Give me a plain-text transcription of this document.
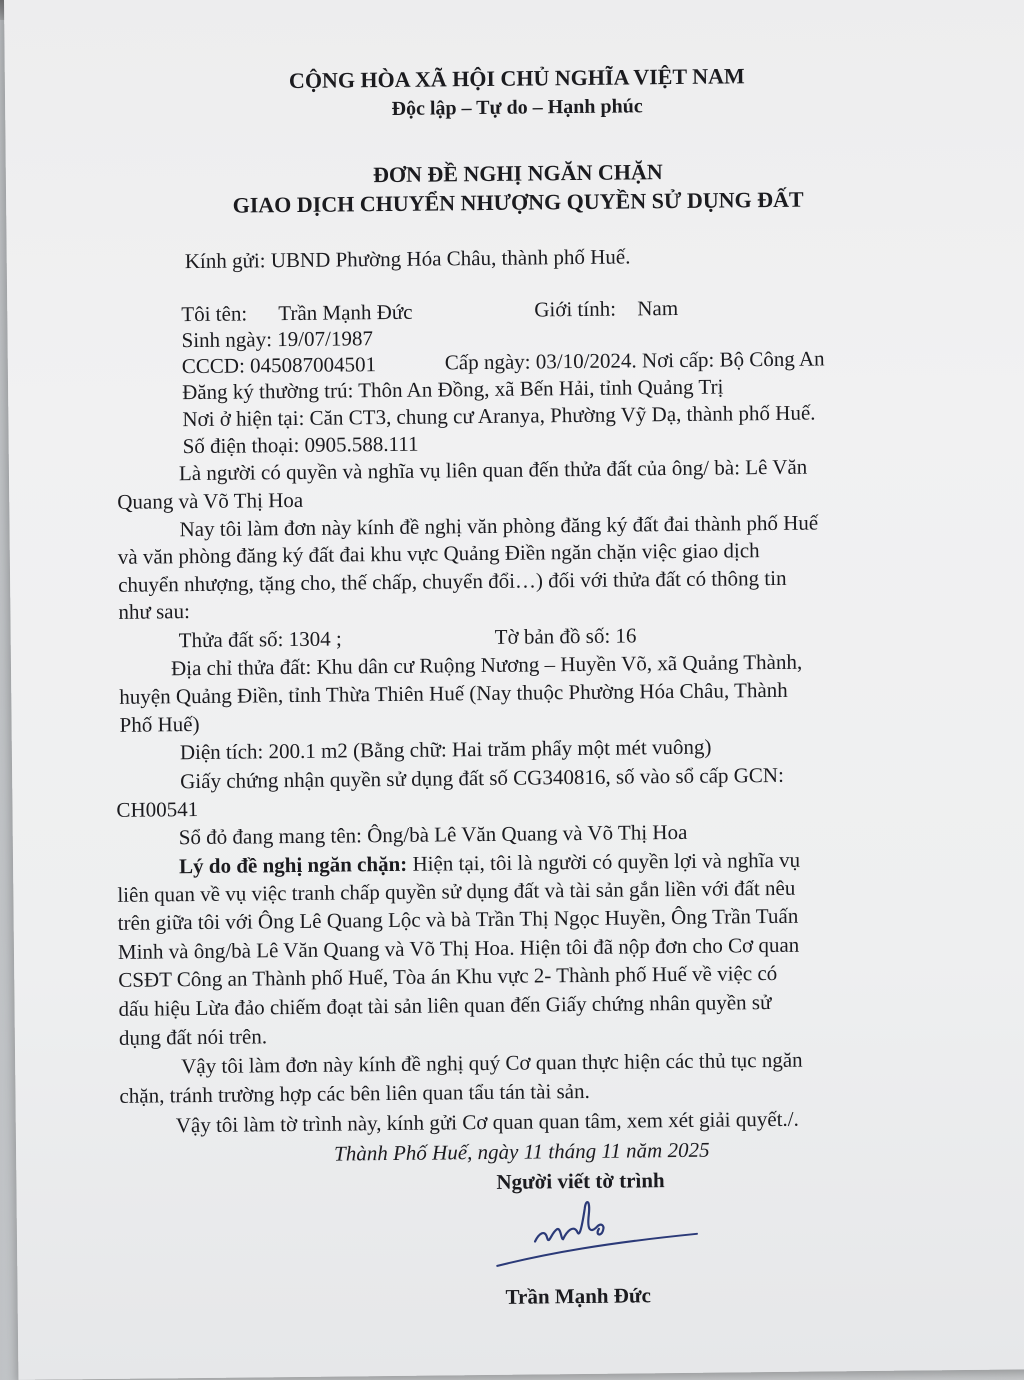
CỘNG HÒA XÃ HỘI CHỦ NGHĨA VIỆT NAM
Độc lập – Tự do – Hạnh phúc
ĐƠN ĐỀ NGHỊ NGĂN CHẶN
GIAO DỊCH CHUYỂN NHƯỢNG QUYỀN SỬ DỤNG ĐẤT
Kính gửi: UBND Phường Hóa Châu, thành phố Huế.
Tôi tên: Trần Mạnh Đức	Giới tính: Nam
Sinh ngày: 19/07/1987
CCCD: 045087004501	Cấp ngày: 03/10/2024. Nơi cấp: Bộ Công An
Đăng ký thường trú: Thôn An Đồng, xã Bến Hải, tỉnh Quảng Trị
Nơi ở hiện tại: Căn CT3, chung cư Aranya, Phường Vỹ Dạ, thành phố Huế.
Số điện thoại: 0905.588.111
Là người có quyền và nghĩa vụ liên quan đến thửa đất của ông/ bà: Lê Văn
Quang và Võ Thị Hoa
Nay tôi làm đơn này kính đề nghị văn phòng đăng ký đất đai thành phố Huế
và văn phòng đăng ký đất đai khu vực Quảng Điền ngăn chặn việc giao dịch
chuyển nhượng, tặng cho, thế chấp, chuyển đổi…) đối với thửa đất có thông tin
như sau:
Thửa đất số: 1304 ;	Tờ bản đồ số: 16
Địa chỉ thửa đất: Khu dân cư Ruộng Nương – Huyền Võ, xã Quảng Thành,
huyện Quảng Điền, tỉnh Thừa Thiên Huế (Nay thuộc Phường Hóa Châu, Thành
Phố Huế)
Diện tích: 200.1 m2 (Bằng chữ: Hai trăm phẩy một mét vuông)
Giấy chứng nhận quyền sử dụng đất số CG340816, số vào sổ cấp GCN:
CH00541
Sổ đỏ đang mang tên: Ông/bà Lê Văn Quang và Võ Thị Hoa
Lý do đề nghị ngăn chặn: Hiện tại, tôi là người có quyền lợi và nghĩa vụ
liên quan về vụ việc tranh chấp quyền sử dụng đất và tài sản gắn liền với đất nêu
trên giữa tôi với Ông Lê Quang Lộc và bà Trần Thị Ngọc Huyền, Ông Trần Tuấn
Minh và ông/bà Lê Văn Quang và Võ Thị Hoa. Hiện tôi đã nộp đơn cho Cơ quan
CSĐT Công an Thành phố Huế, Tòa án Khu vực 2- Thành phố Huế về việc có
dấu hiệu Lừa đảo chiếm đoạt tài sản liên quan đến Giấy chứng nhân quyền sử
dụng đất nói trên.
Vậy tôi làm đơn này kính đề nghị quý Cơ quan thực hiện các thủ tục ngăn
chặn, tránh trường hợp các bên liên quan tẩu tán tài sản.
Vậy tôi làm tờ trình này, kính gửi Cơ quan quan tâm, xem xét giải quyết./.
Thành Phố Huế, ngày 11 tháng 11 năm 2025
Người viết tờ trình
Trần Mạnh Đức
